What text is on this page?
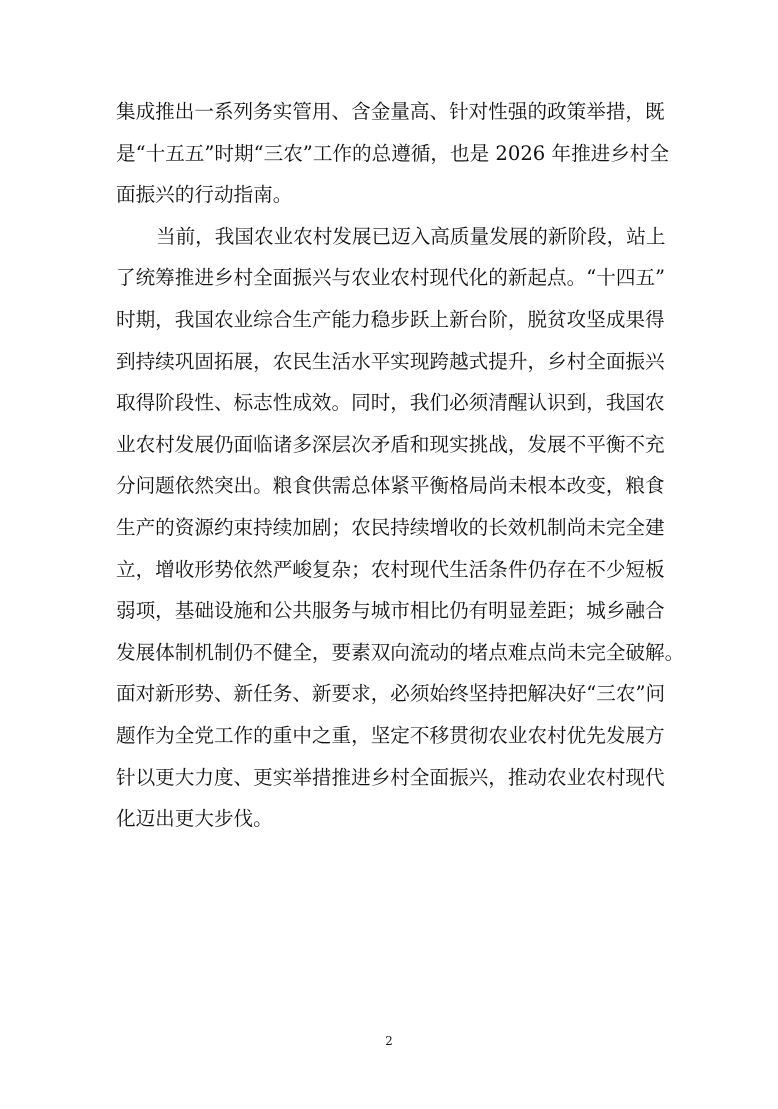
集成推出一系列务实管用、含金量高、针对性强的政策举措，既
是“十五五”时期“三农”工作的总遵循，也是 2026 年推进乡村全
面振兴的行动指南。
当前，我国农业农村发展已迈入高质量发展的新阶段，站上
了统筹推进乡村全面振兴与农业农村现代化的新起点。“十四五”
时期，我国农业综合生产能力稳步跃上新台阶，脱贫攻坚成果得
到持续巩固拓展，农民生活水平实现跨越式提升，乡村全面振兴
取得阶段性、标志性成效。同时，我们必须清醒认识到，我国农
业农村发展仍面临诸多深层次矛盾和现实挑战，发展不平衡不充
分问题依然突出。粮食供需总体紧平衡格局尚未根本改变，粮食
生产的资源约束持续加剧；农民持续增收的长效机制尚未完全建
立，增收形势依然严峻复杂；农村现代生活条件仍存在不少短板
弱项，基础设施和公共服务与城市相比仍有明显差距；城乡融合
发展体制机制仍不健全，要素双向流动的堵点难点尚未完全破解。
面对新形势、新任务、新要求，必须始终坚持把解决好“三农”问
题作为全党工作的重中之重，坚定不移贯彻农业农村优先发展方
针以更大力度、更实举措推进乡村全面振兴，推动农业农村现代
化迈出更大步伐。
2
